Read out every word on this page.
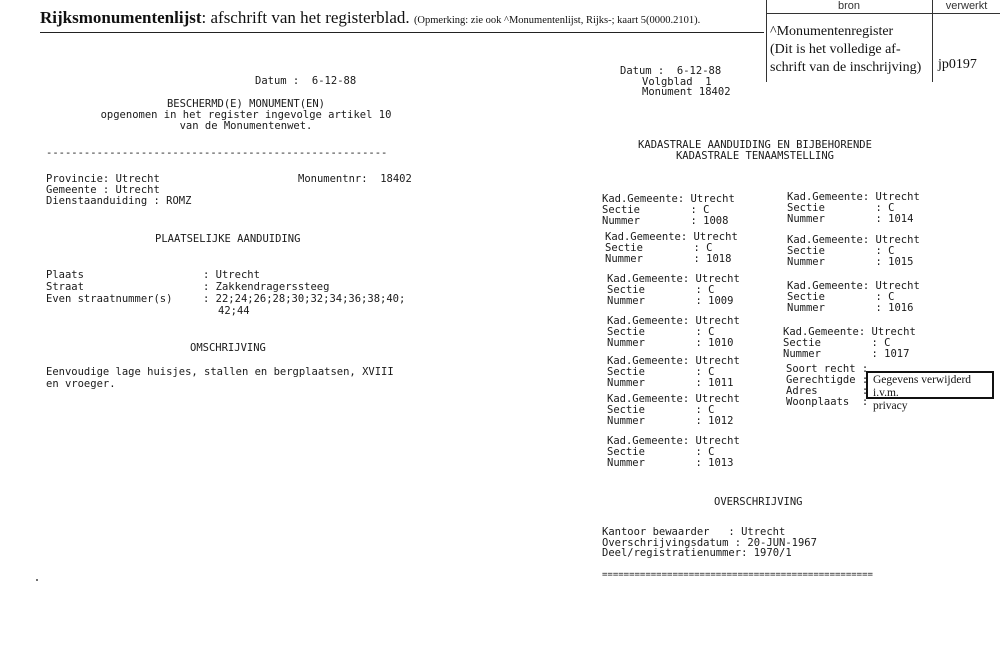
Rijksmonumentenlijst: afschrift van het registerblad. (Opmerking: zie ook ^Monumentenlijst, Rijks-; kaart 5(0000.2101).
bron	verwerkt
^Monumentenregister
(Dit is het volledige af-
schrift van de inschrijving)	jp0197
Datum :  6-12-88
BESCHERMD(E) MONUMENT(EN)
opgenomen in het register ingevolge artikel 10
van de Monumentenwet.
------------------------------------------------------
Provincie: Utrecht	Monumentnr:  18402
Gemeente : Utrecht
Dienstaanduiding : ROMZ
PLAATSELIJKE AANDUIDING
Plaats	: Utrecht
Straat	: Zakkendragerssteeg
Even straatnummer(s)	: 22;24;26;28;30;32;34;36;38;40;
42;44
OMSCHRIJVING
Eenvoudige lage huisjes, stallen en bergplaatsen, XVIII
en vroeger.
Datum :  6-12-88
Volgblad 1
Monument 18402
KADASTRALE AANDUIDING EN BIJBEHORENDE
KADASTRALE TENAAMSTELLING
Kad.Gemeente: Utrecht
Sectie        : C
Nummer        : 1008
Kad.Gemeente: Utrecht
Sectie        : C
Nummer        : 1018
Kad.Gemeente: Utrecht
Sectie        : C
Nummer        : 1009
Kad.Gemeente: Utrecht
Sectie        : C
Nummer        : 1010
Kad.Gemeente: Utrecht
Sectie        : C
Nummer        : 1011
Kad.Gemeente: Utrecht
Sectie        : C
Nummer        : 1012
Kad.Gemeente: Utrecht
Sectie        : C
Nummer        : 1013
Kad.Gemeente: Utrecht
Sectie        : C
Nummer        : 1014
Kad.Gemeente: Utrecht
Sectie        : C
Nummer        : 1015
Kad.Gemeente: Utrecht
Sectie        : C
Nummer        : 1016
Kad.Gemeente: Utrecht
Sectie        : C
Nummer        : 1017
Soort recht :
Gerechtigde :
Adres       :
Woonplaats  :
Gegevens verwijderd i.v.m.
privacy
OVERSCHRIJVING
Kantoor bewaarder   : Utrecht
Overschrijvingsdatum : 20-JUN-1967
Deel/registratienummer: 1970/1
==================================================
